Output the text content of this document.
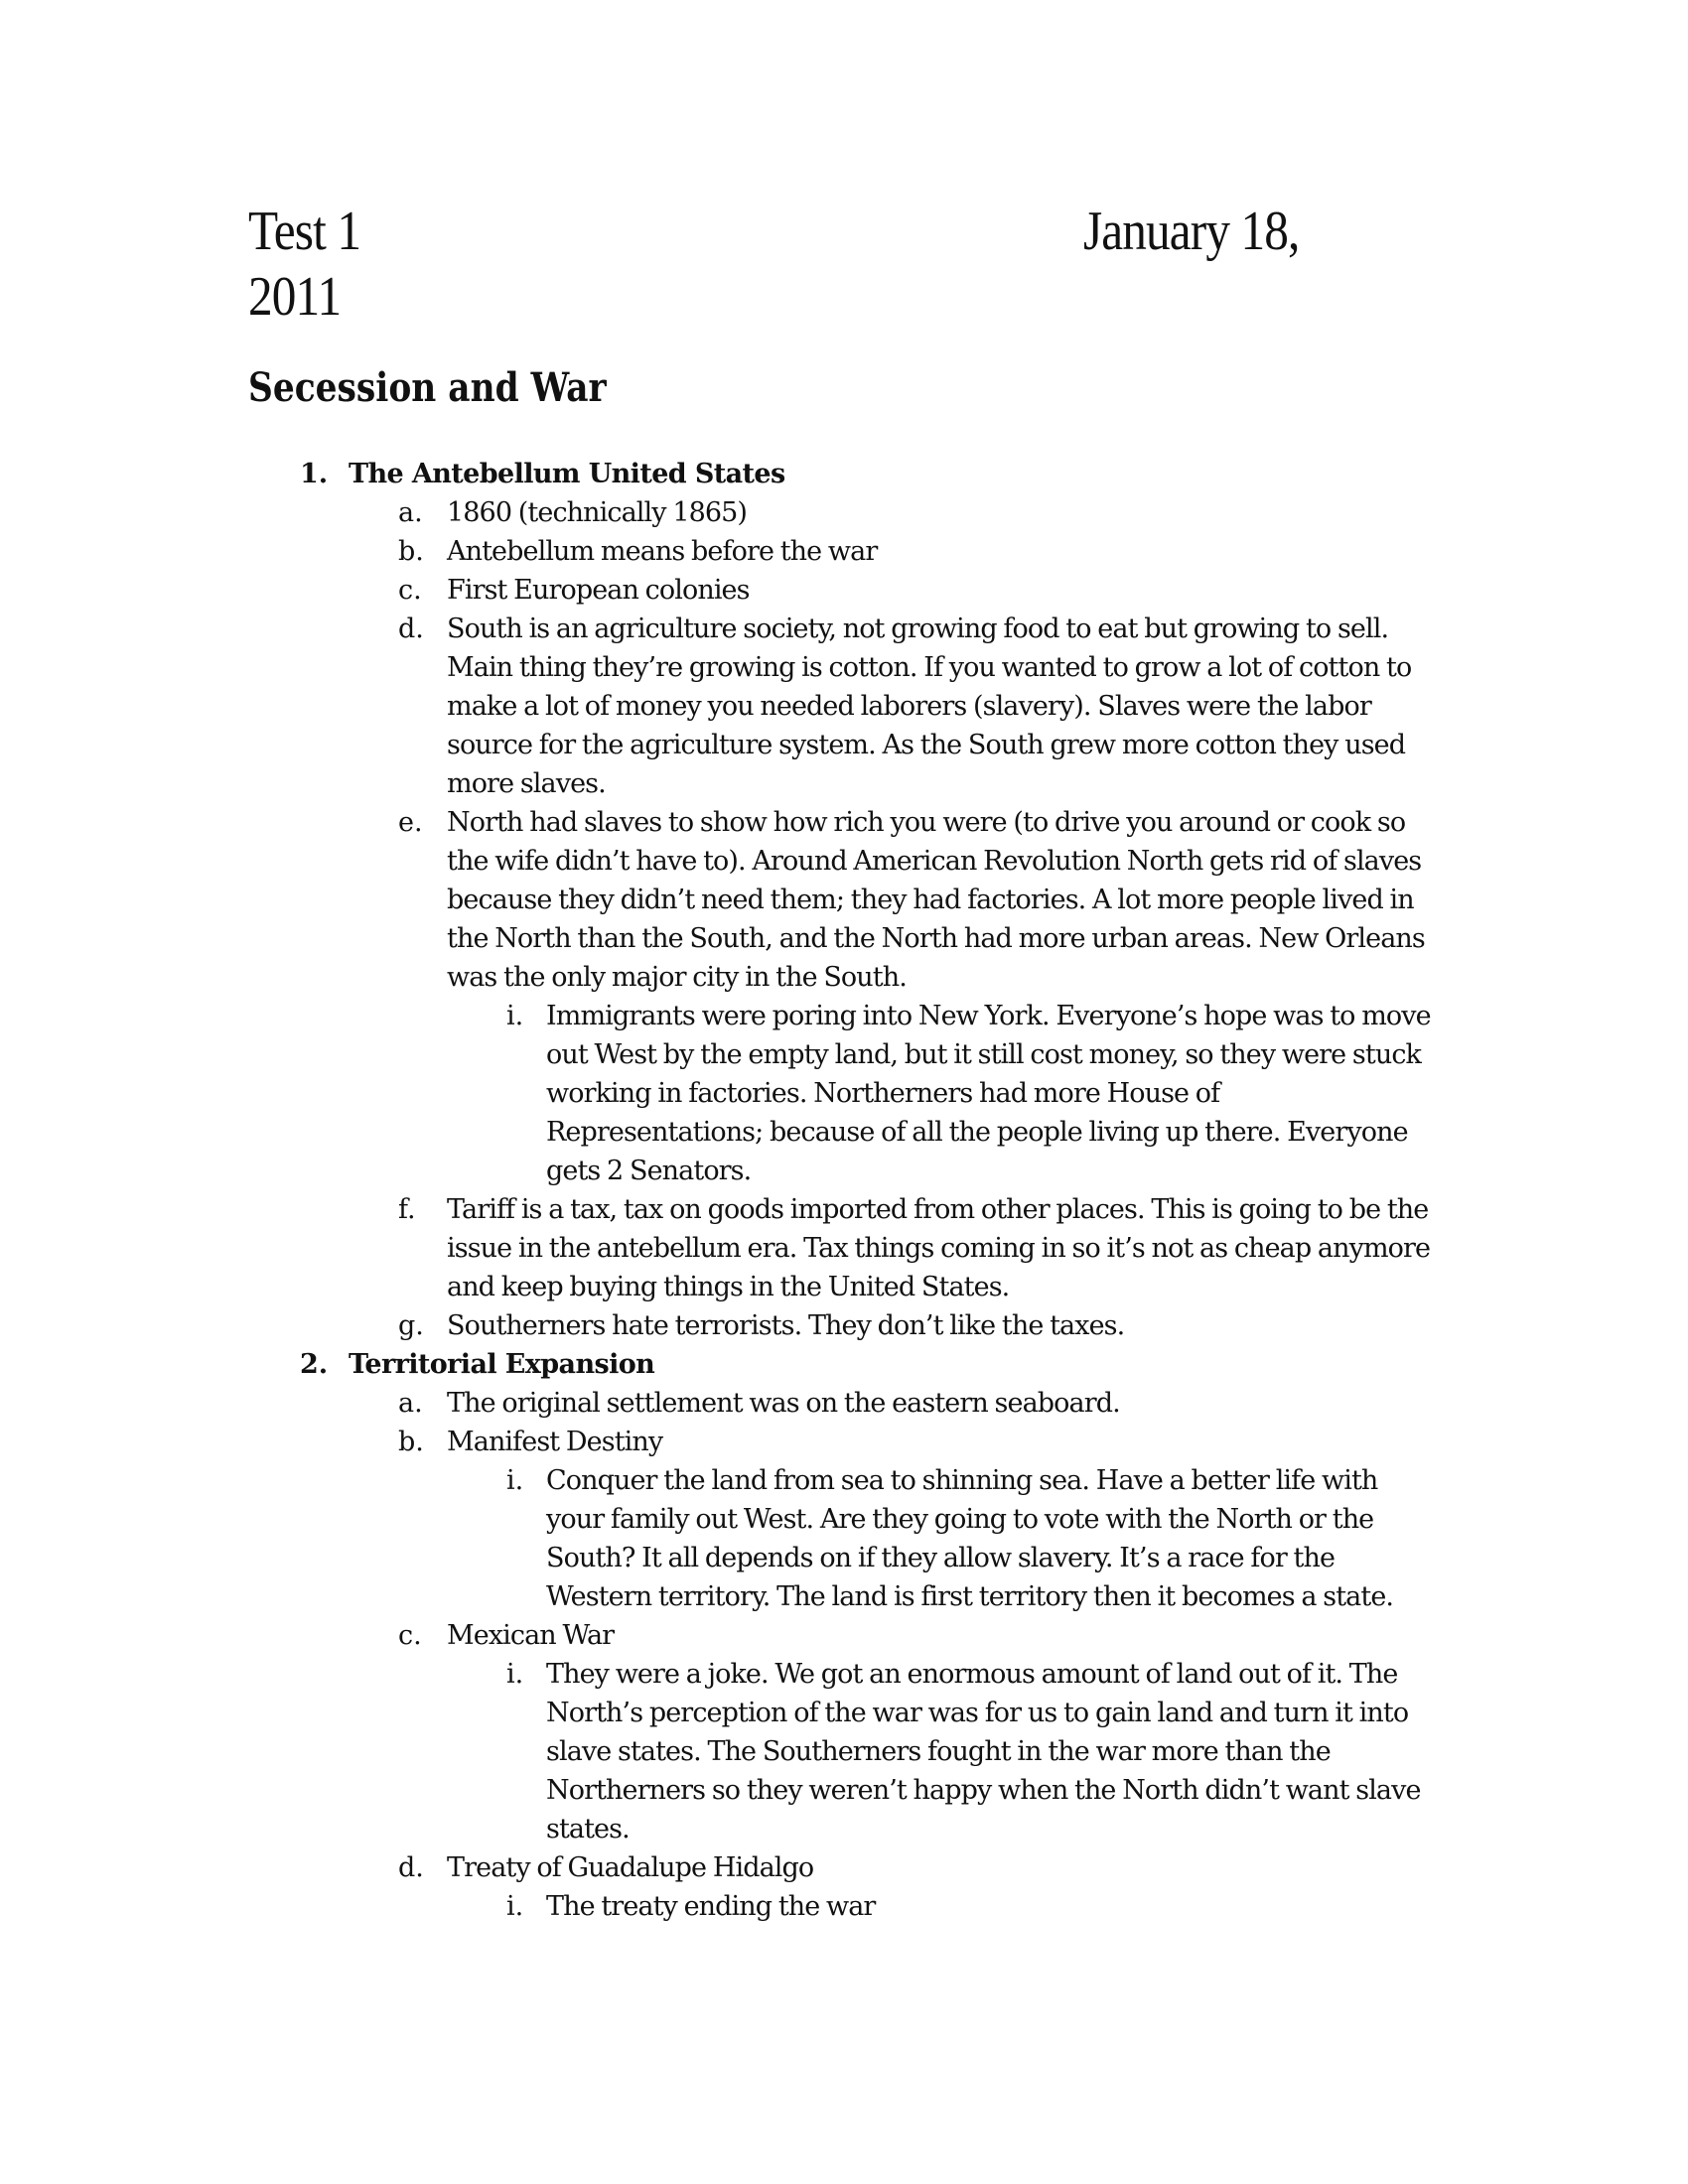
Test 1	January 18,
2011
Secession and War
1. The Antebellum United States
a. 1860 (technically 1865)
b. Antebellum means before the war
c. First European colonies
d. South is an agriculture society, not growing food to eat but growing to sell. Main thing they’re growing is cotton. If you wanted to grow a lot of cotton to make a lot of money you needed laborers (slavery). Slaves were the labor source for the agriculture system. As the South grew more cotton they used more slaves.
e. North had slaves to show how rich you were (to drive you around or cook so the wife didn’t have to). Around American Revolution North gets rid of slaves because they didn’t need them; they had factories. A lot more people lived in the North than the South, and the North had more urban areas. New Orleans was the only major city in the South.
i. Immigrants were poring into New York. Everyone’s hope was to move out West by the empty land, but it still cost money, so they were stuck working in factories. Northerners had more House of Representations; because of all the people living up there. Everyone gets 2 Senators.
f. Tariff is a tax, tax on goods imported from other places. This is going to be the issue in the antebellum era. Tax things coming in so it’s not as cheap anymore and keep buying things in the United States.
g. Southerners hate terrorists. They don’t like the taxes.
2. Territorial Expansion
a. The original settlement was on the eastern seaboard.
b. Manifest Destiny
i. Conquer the land from sea to shinning sea. Have a better life with your family out West. Are they going to vote with the North or the South? It all depends on if they allow slavery. It’s a race for the Western territory. The land is first territory then it becomes a state.
c. Mexican War
i. They were a joke. We got an enormous amount of land out of it. The North’s perception of the war was for us to gain land and turn it into slave states. The Southerners fought in the war more than the Northerners so they weren’t happy when the North didn’t want slave states.
d. Treaty of Guadalupe Hidalgo
i. The treaty ending the war
